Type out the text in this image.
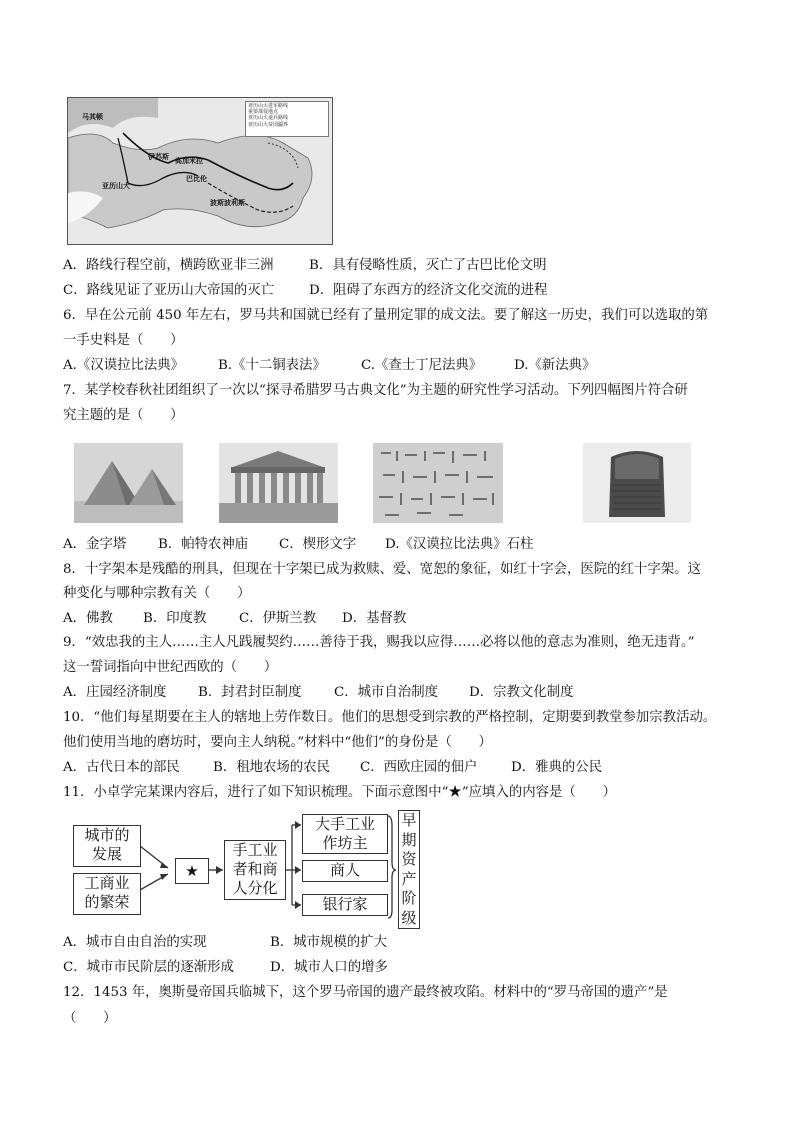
亚历山大进军路线
重要战役地点
亚历山大退兵路线
亚历山大帝国疆界
马其顿
伊苏斯 高加米拉
巴比伦
亚历山大
波斯波利斯
A．路线行程空前，横跨欧亚非三洲	B．具有侵略性质，灭亡了古巴比伦文明
C．路线见证了亚历山大帝国的灭亡	D．阻碍了东西方的经济文化交流的进程
6．早在公元前 450 年左右，罗马共和国就已经有了量刑定罪的成文法。要了解这一历史，我们可以选取的第
一手史料是（　　）
A.《汉谟拉比法典》	B.《十二铜表法》	C.《查士丁尼法典》 D.《新法典》
7．某学校春秋社团组织了一次以“探寻希腊罗马古典文化”为主题的研究性学习活动。下列四幅图片符合研
究主题的是（　　）
A．金字塔 B．帕特农神庙 C．楔形文字 D.《汉谟拉比法典》石柱
8．十字架本是残酷的刑具，但现在十字架已成为救赎、爱、宽恕的象征，如红十字会，医院的红十字架。这
种变化与哪种宗教有关（　　）
A．佛教 B．印度教 C．伊斯兰教 D．基督教
9．“效忠我的主人……主人凡践履契约……善待于我，赐我以应得……必将以他的意志为准则，绝无违背。”
这一誓词指向中世纪西欧的（　　）
A．庄园经济制度 B．封君封臣制度 C．城市自治制度 D．宗教文化制度
10．“他们每星期要在主人的辖地上劳作数日。他们的思想受到宗教的严格控制，定期要到教堂参加宗教活动。
他们使用当地的磨坊时，要向主人纳税。”材料中“他们”的身份是（　　）
A．古代日本的部民 B．租地农场的农民 C．西欧庄园的佃户	D．雅典的公民
11．小卓学完某课内容后，进行了如下知识梳理。下面示意图中“★”应填入的内容是（　　）
城市的
发展
工商业
的繁荣
★
手工业
者和商
人分化
大手工业
作坊主
商人
银行家
早
期
资
产
阶
级
A．城市自由自治的实现	B．城市规模的扩大
C．城市市民阶层的逐渐形成	D．城市人口的增多
12．1453 年，奥斯曼帝国兵临城下，这个罗马帝国的遗产最终被攻陷。材料中的“罗马帝国的遗产”是
（　　）
